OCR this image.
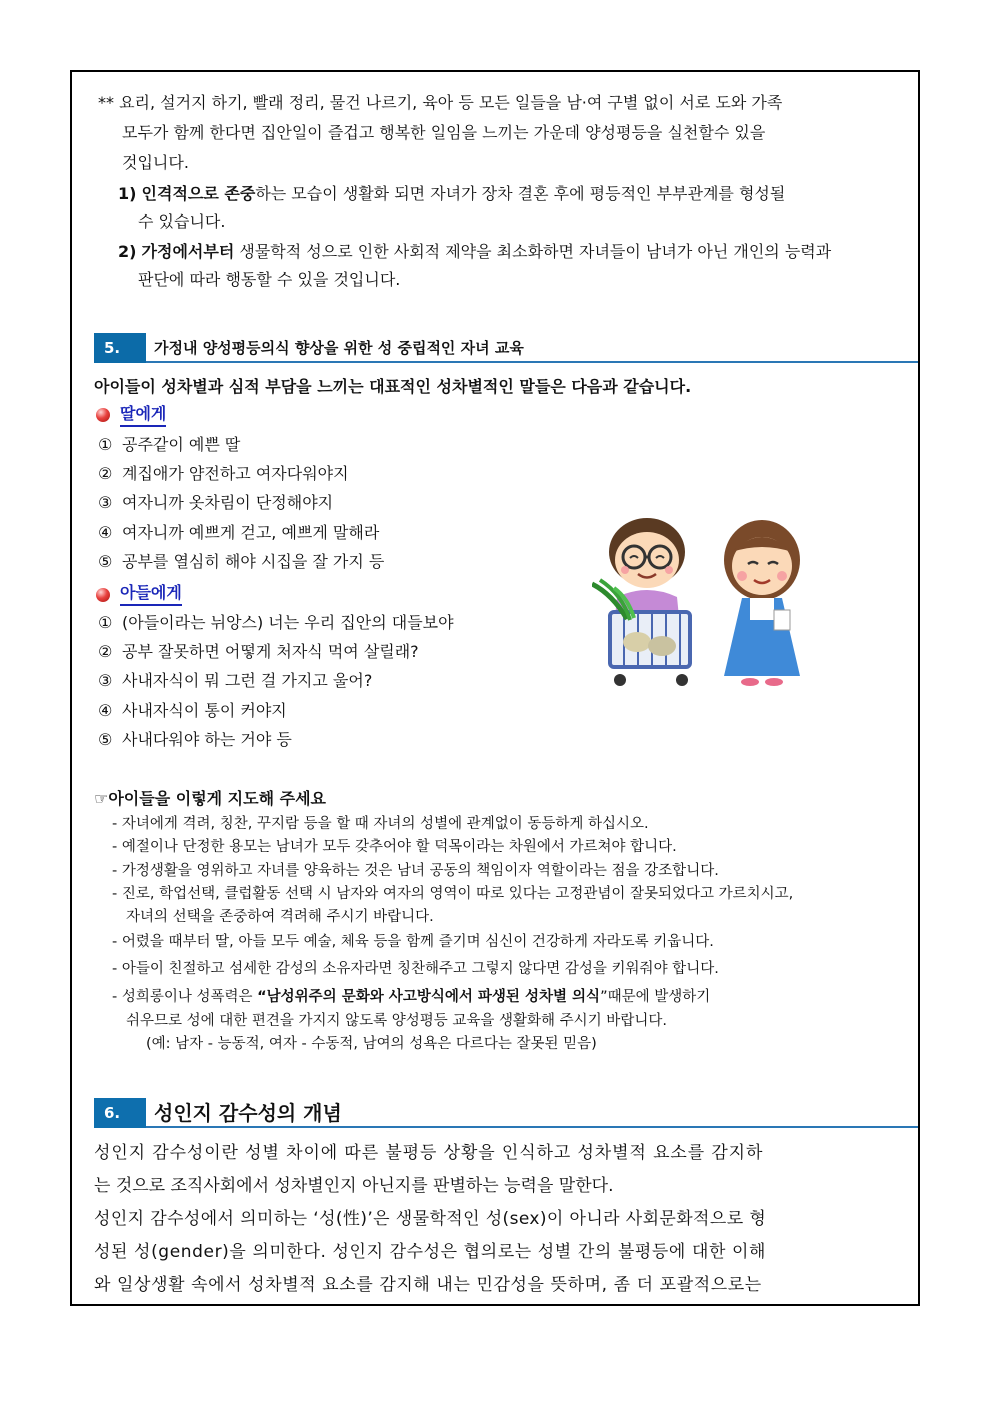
** 요리, 설거지 하기, 빨래 정리, 물건 나르기, 육아 등 모든 일들을 남·여 구별 없이 서로 도와 가족
모두가 함께 한다면 집안일이 즐겁고 행복한 일임을 느끼는 가운데 양성평등을 실천할수 있을
것입니다.
1) 인격적으로 존중하는 모습이 생활화 되면 자녀가 장차 결혼 후에 평등적인 부부관계를 형성될
수 있습니다.
2) 가정에서부터 생물학적 성으로 인한 사회적 제약을 최소화하면 자녀들이 남녀가 아닌 개인의 능력과
판단에 따라 행동할 수 있을 것입니다.
5.	가정내 양성평등의식 향상을 위한 성 중립적인 자녀 교육
아이들이 성차별과 심적 부담을 느끼는 대표적인 성차별적인 말들은 다음과 같습니다.
딸에게
① 공주같이 예쁜 딸
② 계집애가 얌전하고 여자다워야지
③ 여자니까 옷차림이 단정해야지
④ 여자니까 예쁘게 걷고, 예쁘게 말해라
⑤ 공부를 열심히 해야 시집을 잘 가지 등
아들에게
① (아들이라는 뉘앙스) 너는 우리 집안의 대들보야
② 공부 잘못하면 어떻게 처자식 먹여 살릴래?
③ 사내자식이 뭐 그런 걸 가지고 울어?
④ 사내자식이 통이 커야지
⑤ 사내다워야 하는 거야 등
☞아이들을 이렇게 지도해 주세요
- 자녀에게 격려, 칭찬, 꾸지람 등을 할 때 자녀의 성별에 관계없이 동등하게 하십시오.
- 예절이나 단정한 용모는 남녀가 모두 갖추어야 할 덕목이라는 차원에서 가르쳐야 합니다.
- 가정생활을 영위하고 자녀를 양육하는 것은 남녀 공동의 책임이자 역할이라는 점을 강조합니다.
- 진로, 학업선택, 클럽활동 선택 시 남자와 여자의 영역이 따로 있다는 고정관념이 잘못되었다고 가르치시고,
자녀의 선택을 존중하여 격려해 주시기 바랍니다.
- 어렸을 때부터 딸, 아들 모두 예술, 체육 등을 함께 즐기며 심신이 건강하게 자라도록 키웁니다.
- 아들이 친절하고 섬세한 감성의 소유자라면 칭찬해주고 그렇지 않다면 감성을 키워줘야 합니다.
- 성희롱이나 성폭력은 “남성위주의 문화와 사고방식에서 파생된 성차별 의식”때문에 발생하기
쉬우므로 성에 대한 편견을 가지지 않도록 양성평등 교육을 생활화해 주시기 바랍니다.
(예: 남자 - 능동적, 여자 - 수동적, 남여의 성욕은 다르다는 잘못된 믿음)
6.	성인지 감수성의 개념
성인지 감수성이란 성별 차이에 따른 불평등 상황을 인식하고 성차별적 요소를 감지하
는 것으로 조직사회에서 성차별인지 아닌지를 판별하는 능력을 말한다.
성인지 감수성에서 의미하는 ‘성(性)’은 생물학적인 성(sex)이 아니라 사회문화적으로 형
성된 성(gender)을 의미한다. 성인지 감수성은 협의로는 성별 간의 불평등에 대한 이해
와 일상생활 속에서 성차별적 요소를 감지해 내는 민감성을 뜻하며, 좀 더 포괄적으로는
